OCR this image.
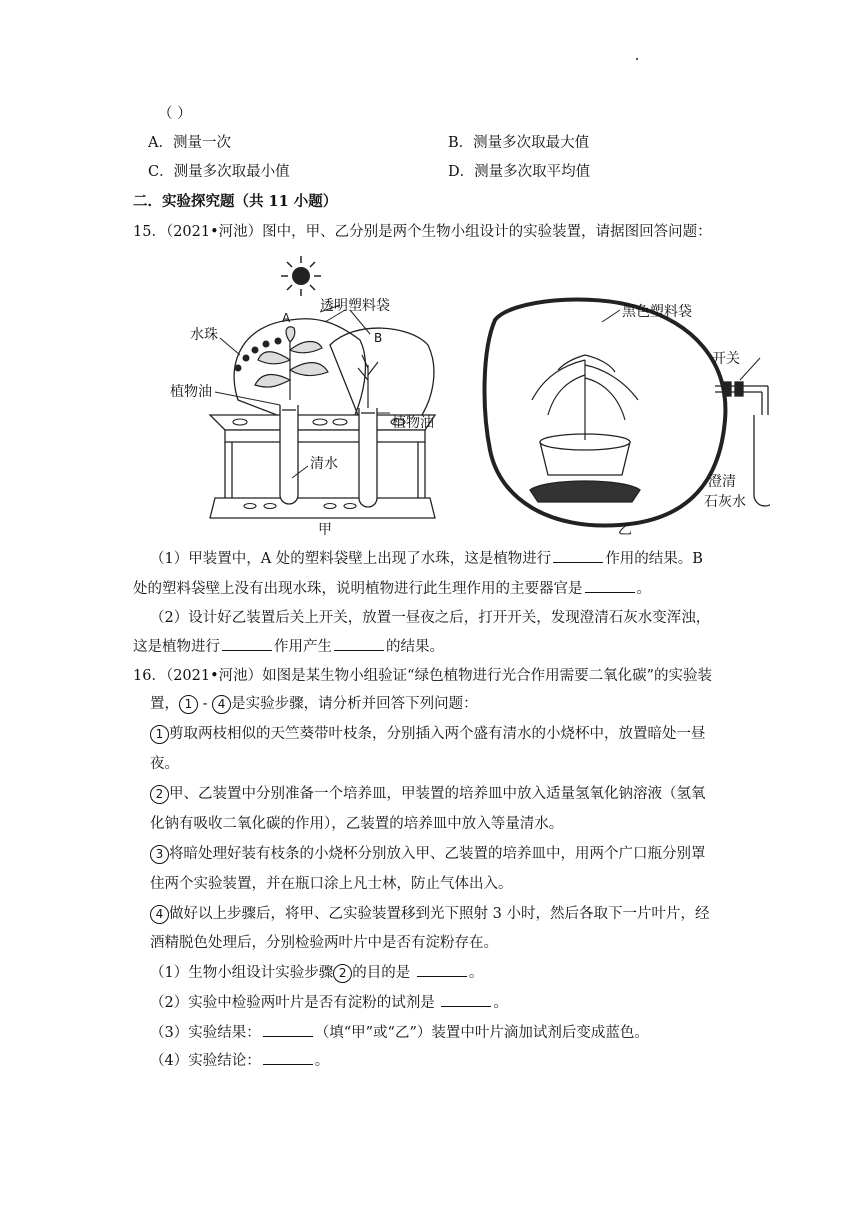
（ ）
A．测量一次	B．测量多次取最大值
C．测量多次取最小值	D．测量多次取平均值
二．实验探究题（共 11 小题）
15．（2021•河池）图中，甲、乙分别是两个生物小组设计的实验装置，请据图回答问题：
透明塑料袋
A
B
水珠
植物油
植物油
清水
甲
黑色塑料袋
开关
澄清
石灰水
乙
（1）甲装置中，A 处的塑料袋壁上出现了水珠，这是植物进行	作用的结果。B
处的塑料袋壁上没有出现水珠，说明植物进行此生理作用的主要器官是	。
（2）设计好乙装置后关上开关，放置一昼夜之后，打开开关，发现澄清石灰水变浑浊，
这是植物进行	作用产生	的结果。
16．（2021•河池）如图是某生物小组验证“绿色植物进行光合作用需要二氧化碳”的实验装
置， 1 - 4 是实验步骤，请分析并回答下列问题：
1 剪取两枝相似的天竺葵带叶枝条，分别插入两个盛有清水的小烧杯中，放置暗处一昼
夜。
2 甲、乙装置中分别准备一个培养皿，甲装置的培养皿中放入适量氢氧化钠溶液（氢氧
化钠有吸收二氧化碳的作用），乙装置的培养皿中放入等量清水。
3 将暗处理好装有枝条的小烧杯分别放入甲、乙装置的培养皿中，用两个广口瓶分别罩
住两个实验装置，并在瓶口涂上凡士林，防止气体出入。
4 做好以上步骤后，将甲、乙实验装置移到光下照射 3 小时，然后各取下一片叶片，经
酒精脱色处理后，分别检验两叶片中是否有淀粉存在。
（1）生物小组设计实验步骤 2 的目的是	。
（2）实验中检验两叶片是否有淀粉的试剂是	。
（3）实验结果：	（填“甲”或“乙”）装置中叶片滴加试剂后变成蓝色。
（4）实验结论：	。
